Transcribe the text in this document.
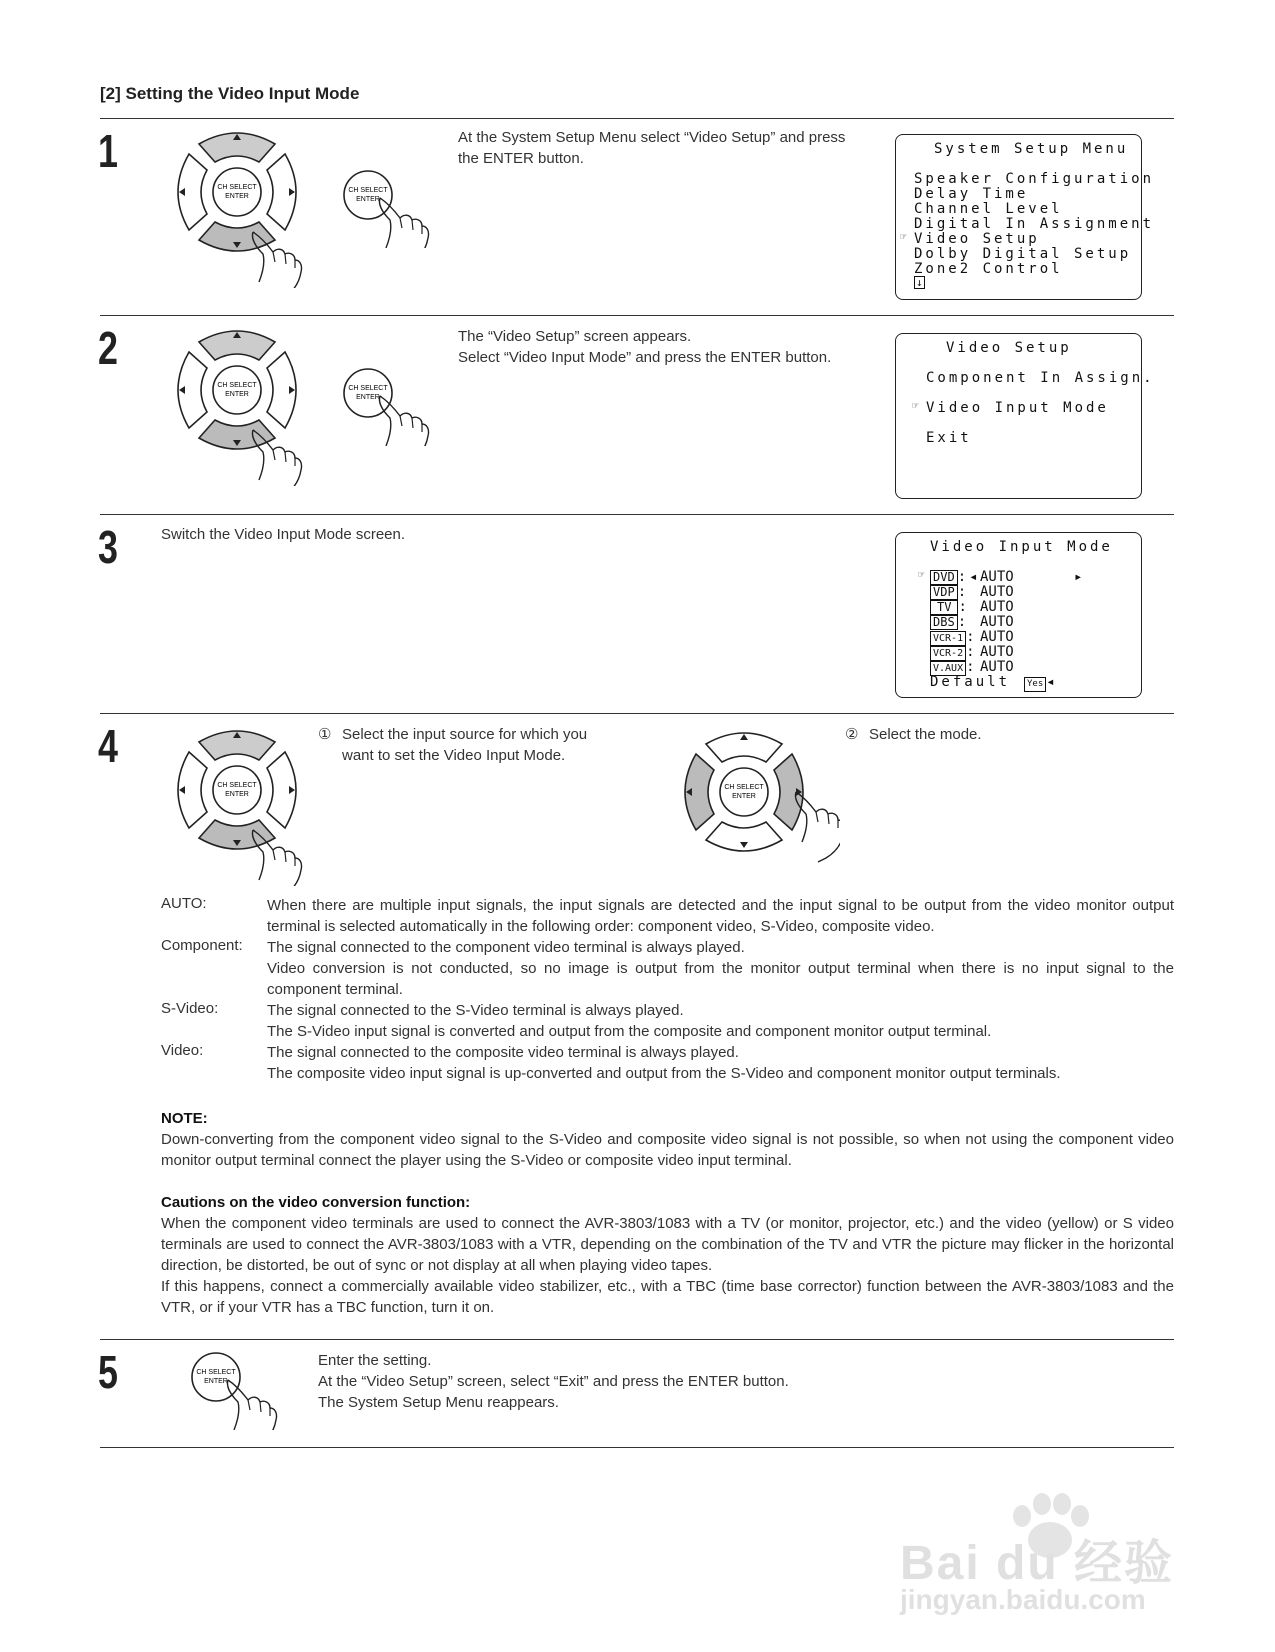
[2] Setting the Video Input Mode
1
CH SELECT
ENTER
CH SELECT
ENTER
At the System Setup Menu select “Video Setup” and press the ENTER button.
System Setup Menu
Speaker Configuration
Delay Time
Channel Level
Digital In Assignment
☞ Video Setup
Dolby Digital Setup
Zone2 Control
↓
2
CH SELECT
ENTER
CH SELECT
ENTER
The “Video Setup” screen appears.
Select “Video Input Mode” and press the ENTER button.
Video Setup
Component In Assign.
☞ Video Input Mode
Exit
3	Switch the Video Input Mode screen.
Video Input Mode
☞ DVD :◂ AUTO	▸
VDP : AUTO
TV : AUTO
DBS : AUTO
VCR-1 : AUTO
VCR-2 : AUTO
V.AUX : AUTO
Default	Yes ◂
4
CH SELECT
ENTER
① Select the input source for which you
want to set the Video Input Mode.
CH SELECT
ENTER
② Select the mode.
AUTO:	When there are multiple input signals, the input signals are detected and the input signal to be output from the video monitor output terminal is selected automatically in the following order: component video, S-Video, composite video.
Component: The signal connected to the component video terminal is always played.
Video conversion is not conducted, so no image is output from the monitor output terminal when there is no input signal to the component terminal.
S-Video:	The signal connected to the S-Video terminal is always played.
The S-Video input signal is converted and output from the composite and component monitor output terminal.
Video:	The signal connected to the composite video terminal is always played.
The composite video input signal is up-converted and output from the S-Video and component monitor output terminals.
NOTE:
Down-converting from the component video signal to the S-Video and composite video signal is not possible, so when not using the component video monitor output terminal connect the player using the S-Video or composite video input terminal.
Cautions on the video conversion function:
When the component video terminals are used to connect the AVR-3803/1083 with a TV (or monitor, projector, etc.) and the video (yellow) or S video terminals are used to connect the AVR-3803/1083 with a VTR, depending on the combination of the TV and VTR the picture may flicker in the horizontal direction, be distorted, be out of sync or not display at all when playing video tapes.
If this happens, connect a commercially available video stabilizer, etc., with a TBC (time base corrector) function between the AVR-3803/1083 and the VTR, or if your VTR has a TBC function, turn it on.
5	CH SELECT
ENTER
Enter the setting.
At the “Video Setup” screen, select “Exit” and press the ENTER button.
The System Setup Menu reappears.
Bai du 经验
jingyan.baidu.com
